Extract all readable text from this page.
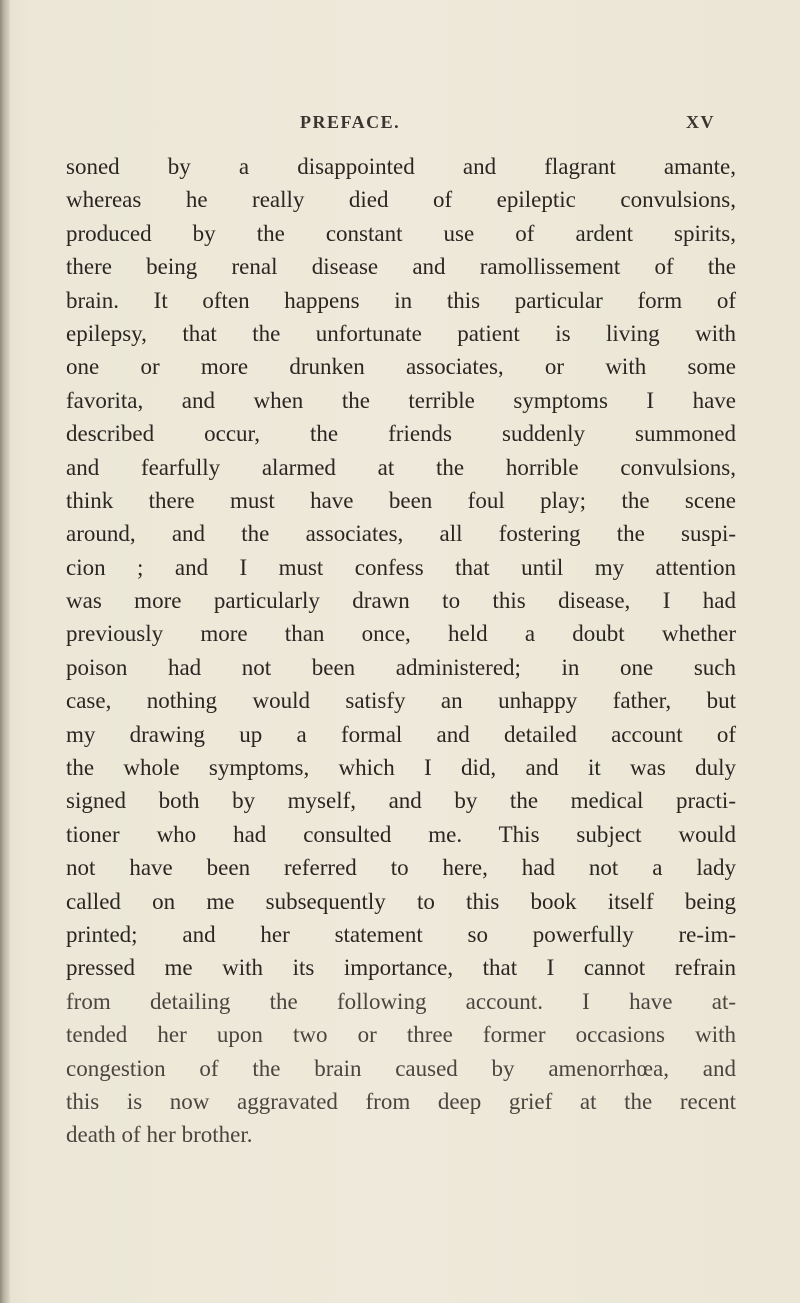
PREFACE.	XV
soned by a disappointed and flagrant amante,
whereas he really died of epileptic convulsions,
produced by the constant use of ardent spirits,
there being renal disease and ramollissement of the
brain. It often happens in this particular form of
epilepsy, that the unfortunate patient is living with
one or more drunken associates, or with some
favorita, and when the terrible symptoms I have
described occur, the friends suddenly summoned
and fearfully alarmed at the horrible convulsions,
think there must have been foul play; the scene
around, and the associates, all fostering the suspi-
cion ; and I must confess that until my attention
was more particularly drawn to this disease, I had
previously more than once, held a doubt whether
poison had not been administered; in one such
case, nothing would satisfy an unhappy father, but
my drawing up a formal and detailed account of
the whole symptoms, which I did, and it was duly
signed both by myself, and by the medical practi-
tioner who had consulted me. This subject would
not have been referred to here, had not a lady
called on me subsequently to this book itself being
printed; and her statement so powerfully re-im-
pressed me with its importance, that I cannot refrain
from detailing the following account. I have at-
tended her upon two or three former occasions with
congestion of the brain caused by amenorrhœa, and
this is now aggravated from deep grief at the recent
death of her brother.
